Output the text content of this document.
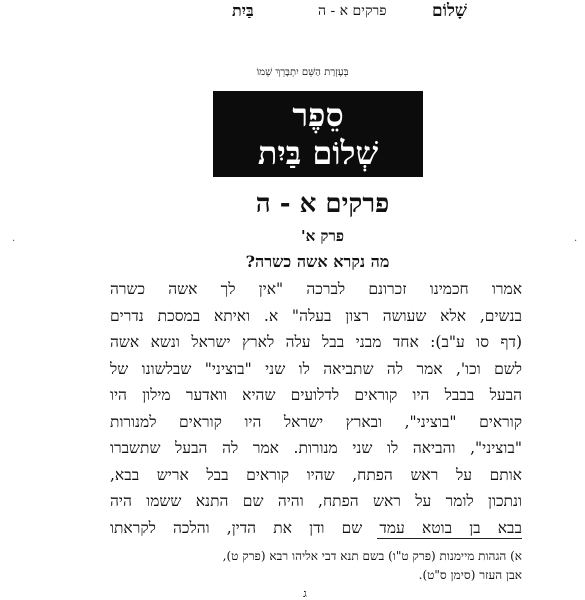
בַּיִת	פרקים א - ה	שָׁלוֹם
בְּעֶזְרַת הַשֵּׁם יִתְבָּרֵךְ שְׁמוֹ
סֵפֶר
שְׁלוֹם בַּיִת
פרקים א - ה
פרק א'
מה נקרא אשה כשרה?
·	·
אמרו חכמינו זכרונם לברכה "אין לך אשה כשרה
בנשים, אלא שעושה רצון בעלה" א. ואיתא במסכת נדרים
(דף סו ע"ב): אחד מבני בבל עלה לארץ ישראל ונשא אשה
לשם וכו', אמר לה שתביאה לו שני "בוציני" שבלשונו של
הבעל בבבל היו קוראים לדלועים שהיא וואדער מילון היו
קוראים "בוציני", ובארץ ישראל היו קוראים למנורות
"בוציני", והביאה לו שני מנורות. אמר לה הבעל שתשברו
אותם על ראש הפתח, שהיו קוראים בבל אריש בבא,
ונתכון לומר על ראש הפתח, והיה שם התנא ששמו היה
בבא בן בוטא עמד שם ודן את הדין, והלכה לקראתו
א) הגהות מיימנות (פרק ט"ו) בשם תנא דבי אליהו רבא (פרק ט),
אבן העזר (סימן ס"ט).
ג
